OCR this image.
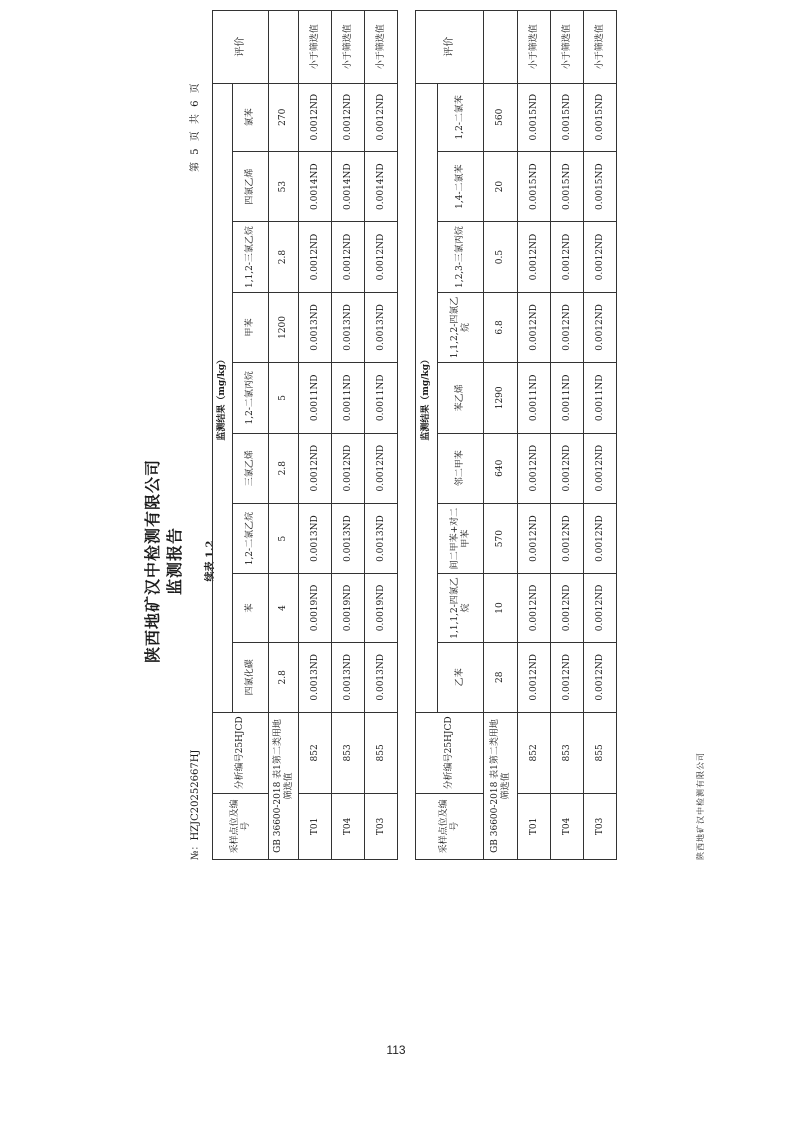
陕西地矿汉中检测有限公司 监测报告
№：HZJC20252667HJ
第 5 页 共 6 页
续表 1.2
采样点位及编号	分析编号25HJCD	监测结果（mg/kg）									评价
		四氯化碳	苯	1,2-二氯乙烷	三氯乙烯	1,2-二氯丙烷	甲苯	1,1,2-三氯乙烷	四氯乙烯	氯苯	
GB 36600-2018 表1第二类用地筛选值		2.8	4	5	2.8	5	1200	2.8	53	270	
T01	852	0.0013ND	0.0019ND	0.0013ND	0.0012ND	0.0011ND	0.0013ND	0.0012ND	0.0014ND	0.0012ND	小于筛选值
T04	853	0.0013ND	0.0019ND	0.0013ND	0.0012ND	0.0011ND	0.0013ND	0.0012ND	0.0014ND	0.0012ND	小于筛选值
T03	855	0.0013ND	0.0019ND	0.0013ND	0.0012ND	0.0011ND	0.0013ND	0.0012ND	0.0014ND	0.0012ND	小于筛选值
采样点位及编号	分析编号25HJCD	监测结果（mg/kg）									评价
		乙苯	1,1,1,2-四氯乙烷	间二甲苯+对二甲苯	邻二甲苯	苯乙烯	1,1,2,2-四氯乙烷	1,2,3-三氯丙烷	1,4-二氯苯	1,2-二氯苯	
GB 36600-2018 表1第二类用地筛选值		28	10	570	640	1290	6.8	0.5	20	560	
T01	852	0.0012ND	0.0012ND	0.0012ND	0.0012ND	0.0011ND	0.0012ND	0.0012ND	0.0015ND	0.0015ND	小于筛选值
T04	853	0.0012ND	0.0012ND	0.0012ND	0.0012ND	0.0011ND	0.0012ND	0.0012ND	0.0015ND	0.0015ND	小于筛选值
T03	855	0.0012ND	0.0012ND	0.0012ND	0.0012ND	0.0011ND	0.0012ND	0.0012ND	0.0015ND	0.0015ND	小于筛选值
陕西地矿汉中检测有限公司
113
